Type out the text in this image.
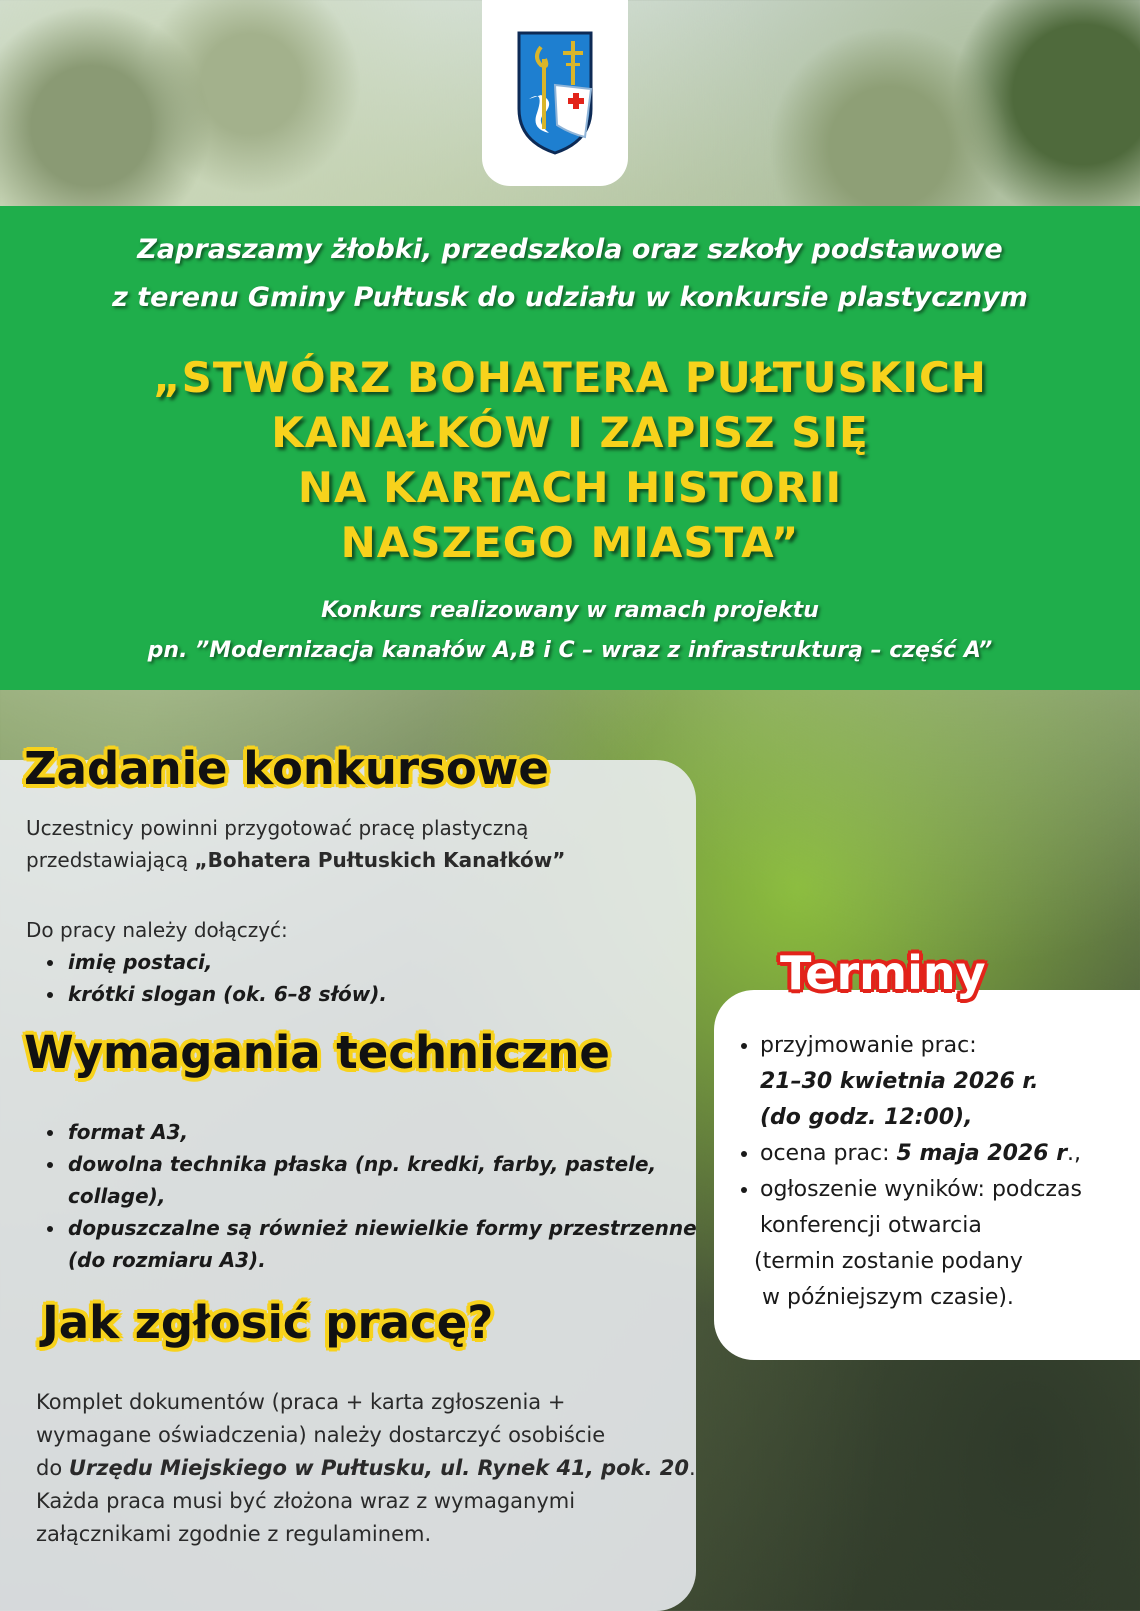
Zapraszamy żłobki, przedszkola oraz szkoły podstawowe
z terenu Gminy Pułtusk do udziału w konkursie plastycznym
„STWÓRZ BOHATERA PUŁTUSKICH
KANAŁKÓW I ZAPISZ SIĘ
NA KARTACH HISTORII
NASZEGO MIASTA”
Konkurs realizowany w ramach projektu
pn. ”Modernizacja kanałów A,B i C – wraz z infrastrukturą – część A”
Zadanie konkursowe
Uczestnicy powinni przygotować pracę plastyczną
przedstawiającą „Bohatera Pułtuskich Kanałków”
Do pracy należy dołączyć:
• imię postaci,
• krótki slogan (ok. 6–8 słów).
Wymagania techniczne
• format A3,
• dowolna technika płaska (np. kredki, farby, pastele, collage),
• dopuszczalne są również niewielkie formy przestrzenne (do rozmiaru A3).
Jak zgłosić pracę?
Komplet dokumentów (praca + karta zgłoszenia +
wymagane oświadczenia) należy dostarczyć osobiście
do Urzędu Miejskiego w Pułtusku, ul. Rynek 41, pok. 20.
Każda praca musi być złożona wraz z wymaganymi
załącznikami zgodnie z regulaminem.
Terminy
• przyjmowanie prac:
21–30 kwietnia 2026 r.
(do godz. 12:00),
• ocena prac: 5 maja 2026 r.,
• ogłoszenie wyników: podczas
konferencji otwarcia
(termin zostanie podany
w późniejszym czasie).
